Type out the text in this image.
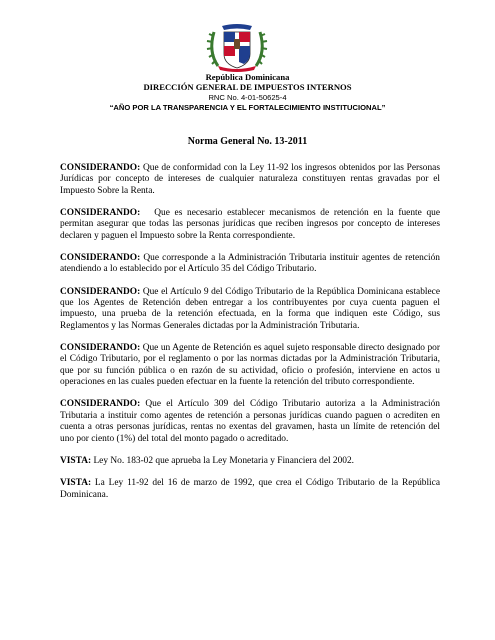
República Dominicana
DIRECCIÓN GENERAL DE IMPUESTOS INTERNOS
RNC No. 4-01-50625-4
“AÑO POR LA TRANSPARENCIA Y EL FORTALECIMIENTO INSTITUCIONAL”
Norma General No. 13-2011

CONSIDERANDO: Que de conformidad con la Ley 11-92 los ingresos obtenidos por las Personas Jurídicas por concepto de intereses de cualquier naturaleza constituyen rentas gravadas por el Impuesto Sobre la Renta.

CONSIDERANDO:   Que es necesario establecer mecanismos de retención en la fuente que permitan asegurar que todas las personas jurídicas que reciben ingresos por concepto de intereses declaren y paguen el Impuesto sobre la Renta correspondiente.

CONSIDERANDO: Que corresponde a la Administración Tributaria instituir agentes de retención atendiendo a lo establecido por el Artículo 35 del Código Tributario.

CONSIDERANDO: Que el Artículo 9 del Código Tributario de la República Dominicana establece que los Agentes de Retención deben entregar a los contribuyentes por cuya cuenta paguen el impuesto, una prueba de la retención efectuada, en la forma que indiquen este Código, sus Reglamentos y las Normas Generales dictadas por la Administración Tributaria.

CONSIDERANDO: Que un Agente de Retención es aquel sujeto responsable directo designado por el Código Tributario, por el reglamento o por las normas dictadas por la Administración Tributaria, que por su función pública o en razón de su actividad, oficio o profesión, interviene en actos u operaciones en las cuales pueden efectuar en la fuente la retención del tributo correspondiente.

CONSIDERANDO: Que el Artículo 309 del Código Tributario autoriza a la Administración Tributaria a instituir como agentes de retención a personas jurídicas cuando paguen o acrediten en cuenta a otras personas jurídicas, rentas no exentas del gravamen, hasta un límite de retención del uno por ciento (1%) del total del monto pagado o acreditado.

VISTA: Ley No. 183-02 que aprueba la Ley Monetaria y Financiera del 2002.

VISTA: La Ley 11-92 del 16 de marzo de 1992, que crea el Código Tributario de la República Dominicana.
